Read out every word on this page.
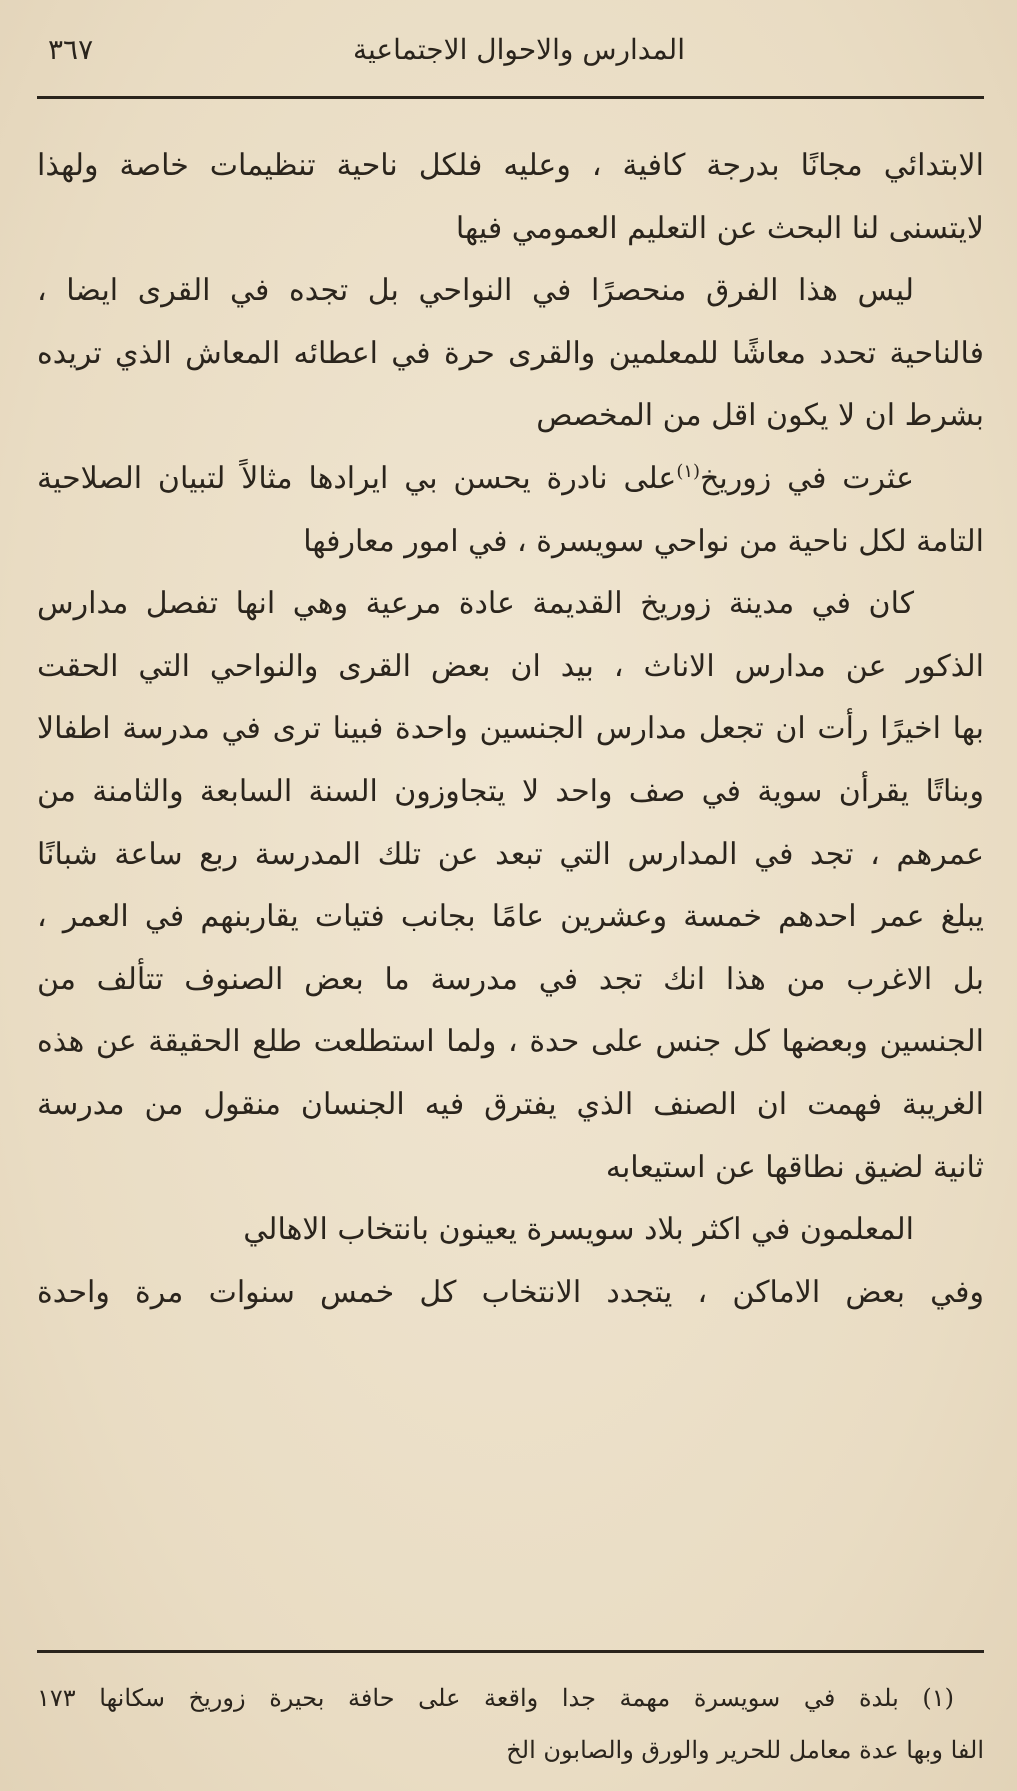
المدارس والاحوال الاجتماعية
٣٦٧
الابتدائي مجانًا بدرجة كافية ، وعليه فلكل ناحية تنظيمات خاصة ولهذا
لايتسنى لنا البحث عن التعليم العمومي فيها
ليس هذا الفرق منحصرًا في النواحي بل تجده في القرى ايضا ،
فالناحية تحدد معاشًا للمعلمين والقرى حرة في اعطائه المعاش الذي تريده
بشرط ان لا يكون اقل من المخصص
عثرت في زوريخ$^{(١)}$على نادرة يحسن بي ايرادها مثالاً لتبيان الصلاحية
التامة لكل ناحية من نواحي سويسرة ، في امور معارفها
كان في مدينة زوريخ القديمة عادة مرعية وهي انها تفصل مدارس
الذكور عن مدارس الاناث ، بيد ان بعض القرى والنواحي التي الحقت
بها اخيرًا رأت ان تجعل مدارس الجنسين واحدة فبينا ترى في مدرسة اطفالا
وبناتًا يقرأن سوية في صف واحد لا يتجاوزون السنة السابعة والثامنة من
عمرهم ، تجد في المدارس التي تبعد عن تلك المدرسة ربع ساعة شبانًا
يبلغ عمر احدهم خمسة وعشرين عامًا بجانب فتيات يقاربنهم في العمر ،
بل الاغرب من هذا انك تجد في مدرسة ما بعض الصنوف تتألف من
الجنسين وبعضها كل جنس على حدة ، ولما استطلعت طلع الحقيقة عن هذه
الغريبة فهمت ان الصنف الذي يفترق فيه الجنسان منقول من مدرسة
ثانية لضيق نطاقها عن استيعابه
المعلمون في اكثر بلاد سويسرة يعينون بانتخاب الاهالي
وفي بعض الاماكن ، يتجدد الانتخاب كل خمس سنوات مرة واحدة
(١) بلدة في سويسرة مهمة جدا واقعة على حافة بحيرة زوريخ سكانها ١٧٣
الفا وبها عدة معامل للحرير والورق والصابون الخ
